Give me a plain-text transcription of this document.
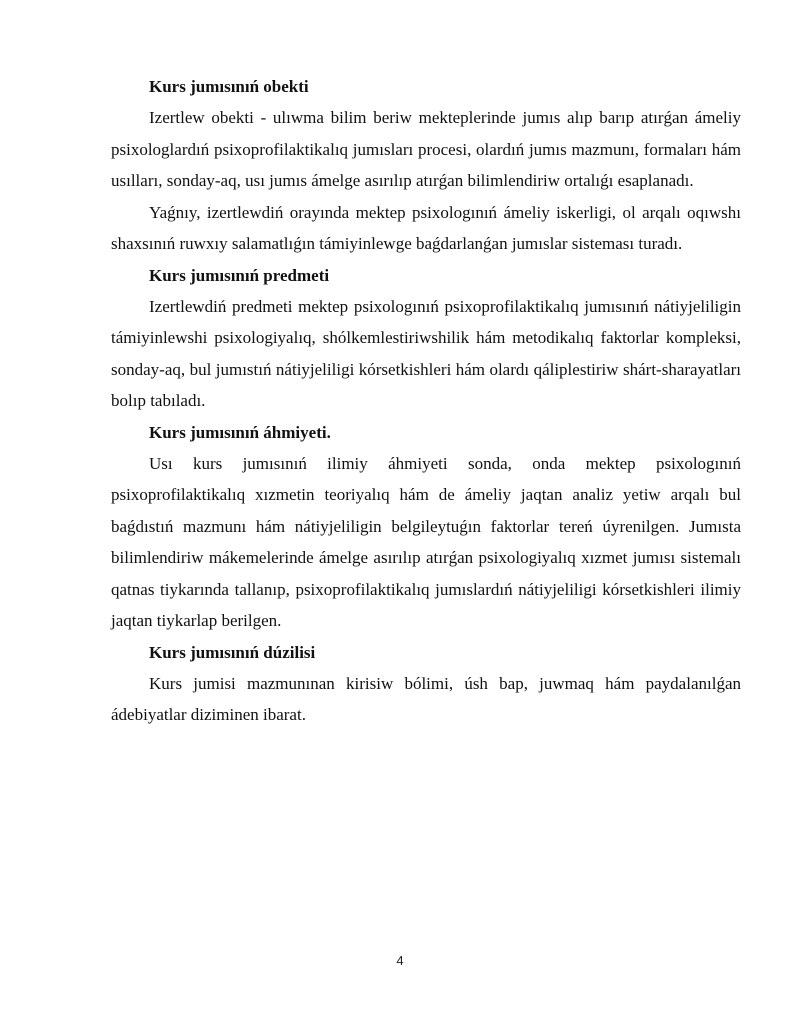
Kurs jumısınıń obekti

Izertlew obekti - ulıwma bilim beriw mekteplerinde jumıs alıp barıp atırǵan ámeliy psixologlardıń psixoprofilaktikalıq jumısları procesi, olardıń jumıs mazmunı, formaları hám usılları, sonday-aq, usı jumıs ámelge asırılıp atırǵan bilimlendiriw ortalıǵı esaplanadı.

Yaǵnıy, izertlewdiń orayında mektep psixologınıń ámeliy iskerligi, ol arqalı oqıwshı shaxsınıń ruwxıy salamatlıǵın támiyinlewge baǵdarlanǵan jumıslar sisteması turadı.

Kurs jumısınıń predmeti

Izertlewdiń predmeti mektep psixologınıń psixoprofilaktikalıq jumısınıń nátiyjeliligin támiyinlewshi psixologiyalıq, shólkemlestiriwshilik hám metodikalıq faktorlar kompleksi, sonday-aq, bul jumıstıń nátiyjeliligi kórsetkishleri hám olardı qáliplestiriw shárt-sharayatları bolıp tabıladı.

Kurs jumısınıń áhmiyeti.

Usı kurs jumısınıń ilimiy áhmiyeti sonda, onda mektep psixologınıń psixoprofilaktikalıq xızmetin teoriyalıq hám de ámeliy jaqtan analiz yetiw arqalı bul baǵdıstıń mazmunı hám nátiyjeliligin belgileytuǵın faktorlar tereń úyrenilgen. Jumısta bilimlendiriw mákemelerinde ámelge asırılıp atırǵan psixologiyalıq xızmet jumısı sistemalı qatnas tiykarında tallanıp, psixoprofilaktikalıq jumıslardıń nátiyjeliligi kórsetkishleri ilimiy jaqtan tiykarlap berilgen.

Kurs jumısınıń dúzilisi

Kurs jumisi mazmunınan kirisiw bólimi, úsh bap, juwmaq hám paydalanılǵan ádebiyatlar diziminen ibarat.

4
